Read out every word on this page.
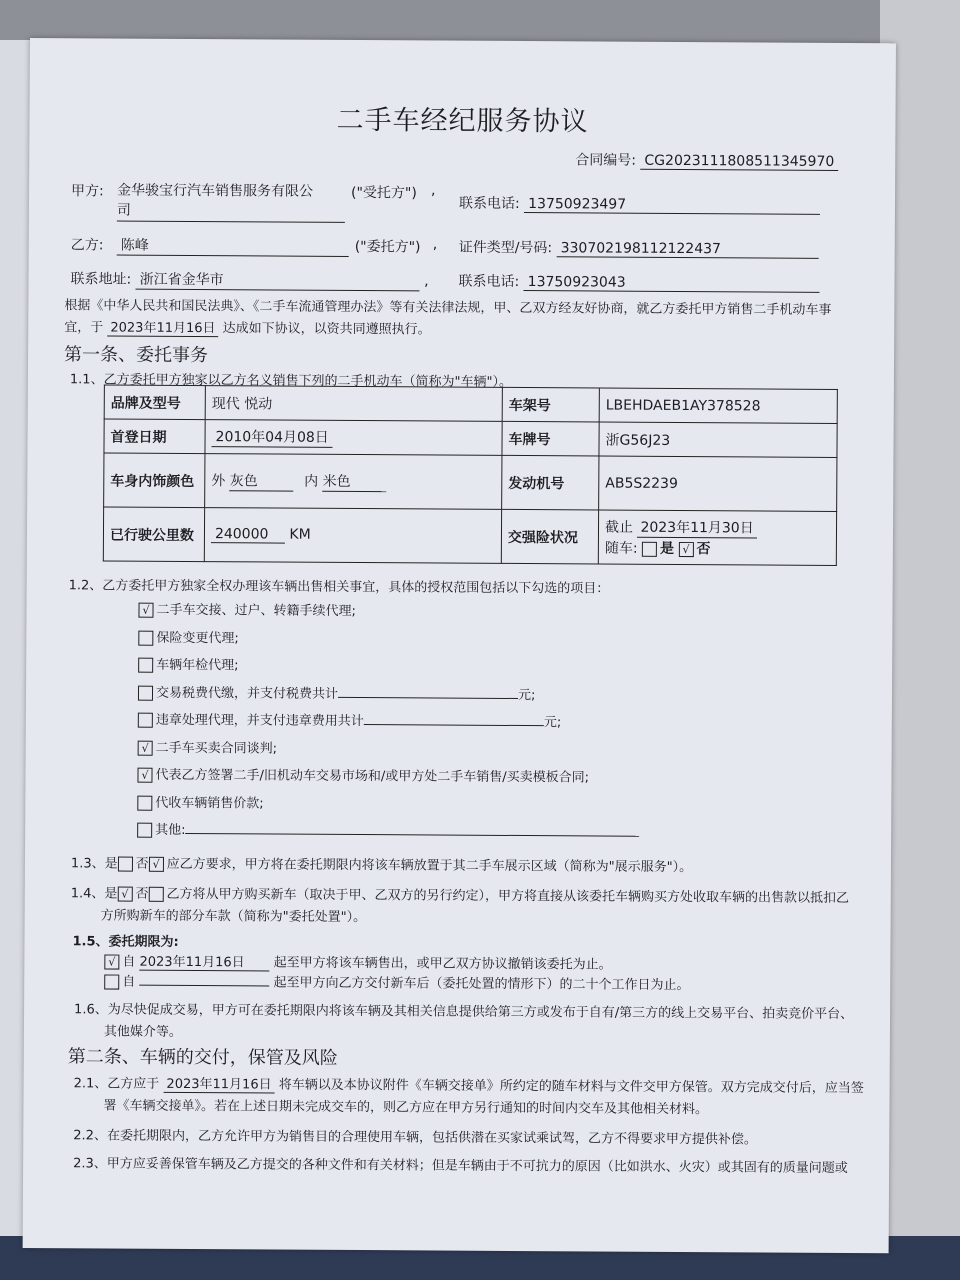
二手车经纪服务协议
合同编号: CG2023111808511345970
甲方: 金华骏宝行汽车销售服务有限公
司
("受托方") ,
联系电话: 13750923497
乙方: 陈峰	("委托方") , 证件类型/号码: 330702198112122437
联系地址: 浙江省金华市	, 联系电话: 13750923043
根据《中华人民共和国民法典》、《二手车流通管理办法》等有关法律法规，甲、乙双方经友好协商，就乙方委托甲方销售二手机动车事
宜，于 2023年11月16日 达成如下协议，以资共同遵照执行。
第一条、委托事务
1.1、乙方委托甲方独家以乙方名义销售下列的二手机动车（简称为"车辆"）。
品牌及型号	现代 悦动	车架号	LBEHDAEB1AY378528
首登日期	2010年04月08日	车牌号	浙G56J23
车身内饰颜色	外 灰色 内 米色	发动机号	AB5S2239
已行驶公里数	240000 KM	交强险状况	截止 2023年11月30日
随车: 是 √ 否
1.2、乙方委托甲方独家全权办理该车辆出售相关事宜，具体的授权范围包括以下勾选的项目：
√ 二手车交接、过户、转籍手续代理;
保险变更代理;
车辆年检代理;
交易税费代缴，并支付税费共计	元;
违章处理代理，并支付违章费用共计	元;
√ 二手车买卖合同谈判;
√ 代表乙方签署二手/旧机动车交易市场和/或甲方处二手车销售/买卖模板合同;
代收车辆销售价款;
其他:
1.3、是 否 √ 应乙方要求，甲方将在委托期限内将该车辆放置于其二手车展示区域（简称为"展示服务"）。
1.4、是 √ 否 乙方将从甲方购买新车（取决于甲、乙双方的另行约定），甲方将直接从该委托车辆购买方处收取车辆的出售款以抵扣乙
方所购新车的部分车款（简称为"委托处置"）。
1.5、委托期限为:
√ 自 2023年11月16日 起至甲方将该车辆售出，或甲乙双方协议撤销该委托为止。
自	起至甲方向乙方交付新车后（委托处置的情形下）的二十个工作日为止。
1.6、为尽快促成交易，甲方可在委托期限内将该车辆及其相关信息提供给第三方或发布于自有/第三方的线上交易平台、拍卖竞价平台、
其他媒介等。
第二条、车辆的交付，保管及风险
2.1、乙方应于 2023年11月16日 将车辆以及本协议附件《车辆交接单》所约定的随车材料与文件交甲方保管。双方完成交付后，应当签
署《车辆交接单》。若在上述日期未完成交车的，则乙方应在甲方另行通知的时间内交车及其他相关材料。
2.2、在委托期限内，乙方允许甲方为销售目的合理使用车辆，包括供潜在买家试乘试驾，乙方不得要求甲方提供补偿。
2.3、甲方应妥善保管车辆及乙方提交的各种文件和有关材料；但是车辆由于不可抗力的原因（比如洪水、火灾）或其固有的质量问题或
